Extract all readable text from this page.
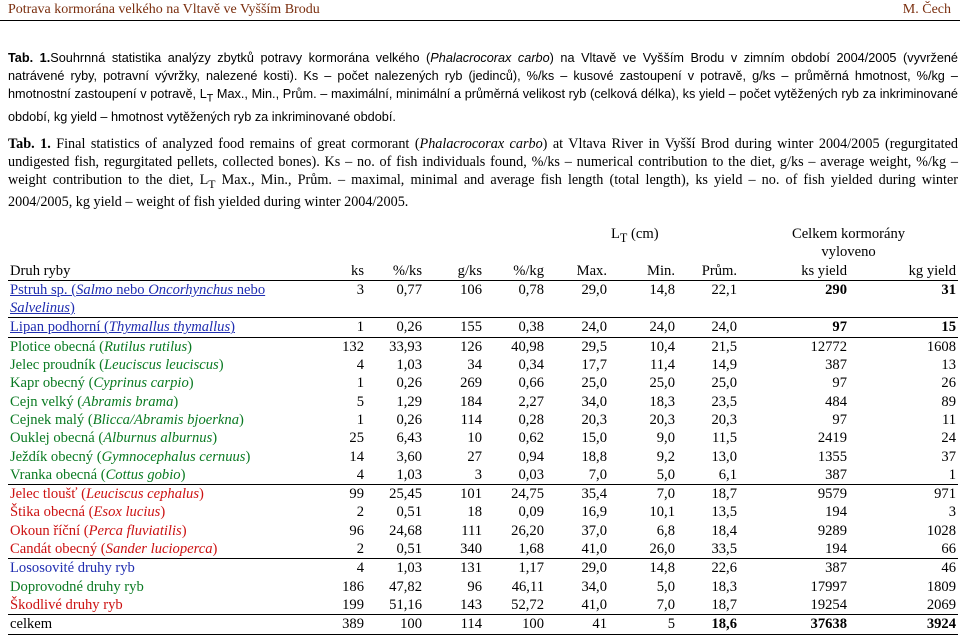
Potrava kormorána velkého na Vltavě ve Vyšším Brodu	M. Čech
Tab. 1.Souhrnná statistika analýzy zbytků potravy kormorána velkého (Phalacrocorax carbo) na Vltavě ve Vyšším Brodu v zimním období 2004/2005 (vyvržené natrávené ryby, potravní vývržky, nalezené kosti). Ks – počet nalezených ryb (jedinců), %/ks – kusové zastoupení v potravě, g/ks – průměrná hmotnost, %/kg – hmotnostní zastoupení v potravě, $L_T$ Max., Min., Prům. – maximální, minimální a průměrná velikost ryb (celková délka), ks yield – počet vytěžených ryb za inkriminované období, kg yield – hmotnost vytěžených ryb za inkriminované období.
Tab. 1. Final statistics of analyzed food remains of great cormorant (Phalacrocorax carbo) at Vltava River in Vyšší Brod during winter 2004/2005 (regurgitated undigested fish, regurgitated pellets, collected bones). Ks – no. of fish individuals found, %/ks – numerical contribution to the diet, g/ks – average weight, %/kg – weight contribution to the diet, $L_T$ Max., Min., Prům. – maximal, minimal and average fish length (total length), ks yield – no. of fish yielded during winter 2004/2005, kg yield – weight of fish yielded during winter 2004/2005.
						$L_T$ (cm)		Celkem kormorány vyloveno	
Druh ryby	ks	%/ks	g/ks	%/kg	Max.	Min.	Prům.	ks yield	kg yield
Pstruh sp. (Salmo nebo Oncorhynchus nebo Salvelinus)	3	0,77	106	0,78	29,0	14,8	22,1	290	31
Lipan podhorní (Thymallus thymallus)	1	0,26	155	0,38	24,0	24,0	24,0	97	15
Plotice obecná (Rutilus rutilus)	132	33,93	126	40,98	29,5	10,4	21,5	12772	1608
Jelec proudník (Leuciscus leuciscus)	4	1,03	34	0,34	17,7	11,4	14,9	387	13
Kapr obecný (Cyprinus carpio)	1	0,26	269	0,66	25,0	25,0	25,0	97	26
Cejn velký (Abramis brama)	5	1,29	184	2,27	34,0	18,3	23,5	484	89
Cejnek malý (Blicca/Abramis bjoerkna)	1	0,26	114	0,28	20,3	20,3	20,3	97	11
Ouklej obecná (Alburnus alburnus)	25	6,43	10	0,62	15,0	9,0	11,5	2419	24
Ježdík obecný (Gymnocephalus cernuus)	14	3,60	27	0,94	18,8	9,2	13,0	1355	37
Vranka obecná (Cottus gobio)	4	1,03	3	0,03	7,0	5,0	6,1	387	1
Jelec tloušť (Leuciscus cephalus)	99	25,45	101	24,75	35,4	7,0	18,7	9579	971
Štika obecná (Esox lucius)	2	0,51	18	0,09	16,9	10,1	13,5	194	3
Okoun říční (Perca fluviatilis)	96	24,68	111	26,20	37,0	6,8	18,4	9289	1028
Candát obecný (Sander lucioperca)	2	0,51	340	1,68	41,0	26,0	33,5	194	66
Lososovité druhy ryb	4	1,03	131	1,17	29,0	14,8	22,6	387	46
Doprovodné druhy ryb	186	47,82	96	46,11	34,0	5,0	18,3	17997	1809
Škodlivé druhy ryb	199	51,16	143	52,72	41,0	7,0	18,7	19254	2069
celkem	389	100	114	100	41	5	18,6	37638	3924
